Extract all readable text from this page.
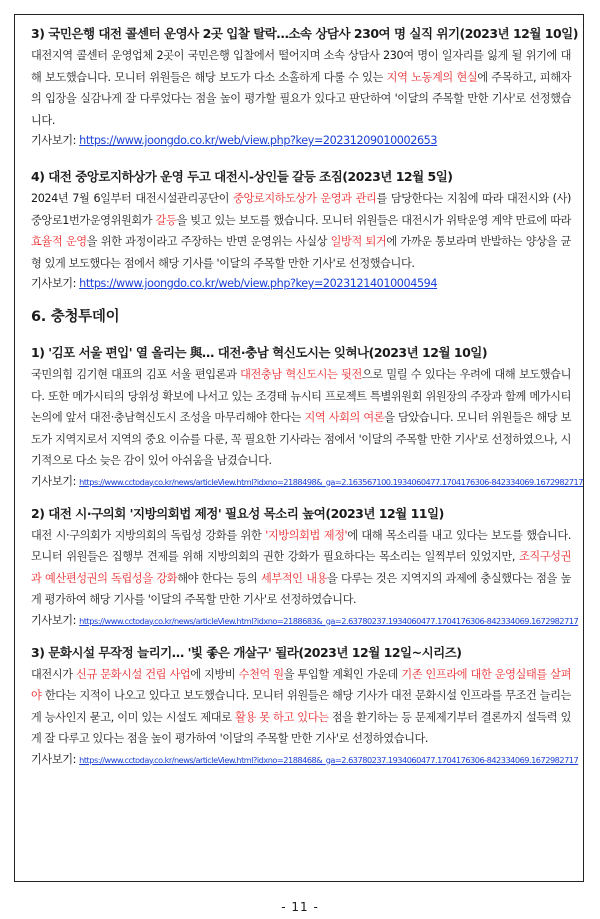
3) 국민은행 대전 콜센터 운영사 2곳 입찰 탈락…소속 상담사 230여 명 실직 위기(2023년 12월 10일)
대전지역 콜센터 운영업체 2곳이 국민은행 입찰에서 떨어지며 소속 상담사 230여 명이 일자리를 잃게 될 위기에 대해 보도했습니다. 모니터 위원들은 해당 보도가 다소 소홀하게 다룰 수 있는 지역 노동계의 현실에 주목하고, 피해자의 입장을 실감나게 잘 다루었다는 점을 높이 평가할 필요가 있다고 판단하여 '이달의 주목할 만한 기사'로 선정했습니다.
기사보기: https://www.joongdo.co.kr/web/view.php?key=20231209010002653
4) 대전 중앙로지하상가 운영 두고 대전시-상인들 갈등 조짐(2023년 12월 5일)
2024년 7월 6일부터 대전시설관리공단이 중앙로지하도상가 운영과 관리를 담당한다는 지침에 따라 대전시와 (사)중앙로1번가운영위원회가 갈등을 빚고 있는 보도를 했습니다. 모니터 위원들은 대전시가 위탁운영 계약 만료에 따라 효율적 운영을 위한 과정이라고 주장하는 반면 운영위는 사실상 일방적 퇴거에 가까운 통보라며 반발하는 양상을 균형 있게 보도했다는 점에서 해당 기사를 '이달의 주목할 만한 기사'로 선정했습니다.
기사보기: https://www.joongdo.co.kr/web/view.php?key=20231214010004594
6. 충청투데이
1) '김포 서울 편입' 열 올리는 與… 대전·충남 혁신도시는 잊혀나(2023년 12월 10일)
국민의힘 김기현 대표의 김포 서울 편입론과 대전충남 혁신도시는 뒷전으로 밀릴 수 있다는 우려에 대해 보도했습니다. 또한 메가시티의 당위성 확보에 나서고 있는 조경태 뉴시티 프로젝트 특별위원회 위원장의 주장과 함께 메가시티 논의에 앞서 대전·충남혁신도시 조성을 마무리해야 한다는 지역 사회의 여론을 담았습니다. 모니터 위원들은 해당 보도가 지역지로서 지역의 중요 이슈를 다룬, 꼭 필요한 기사라는 점에서 '이달의 주목할 만한 기사'로 선정하였으나, 시기적으로 다소 늦은 감이 있어 아쉬움을 남겼습니다.
기사보기: https://www.cctoday.co.kr/news/articleView.html?idxno=2188498&_ga=2.163567100.1934060477.1704176306-842334069.1672982717
2) 대전 시·구의회 '지방의회법 제정' 필요성 목소리 높여(2023년 12월 11일)
대전 시·구의회가 지방의회의 독립성 강화를 위한 '지방의회법 제정'에 대해 목소리를 내고 있다는 보도를 했습니다. 모니터 위원들은 집행부 견제를 위해 지방의회의 권한 강화가 필요하다는 목소리는 일찍부터 있었지만, 조직구성권과 예산편성권의 독립성을 강화해야 한다는 등의 세부적인 내용을 다루는 것은 지역지의 과제에 충실했다는 점을 높게 평가하여 해당 기사를 '이달의 주목할 만한 기사'로 선정하였습니다.
기사보기: https://www.cctoday.co.kr/news/articleView.html?idxno=2188683&_ga=2.63780237.1934060477.1704176306-842334069.1672982717
3) 문화시설 무작정 늘리기… '빛 좋은 개살구' 될라(2023년 12월 12일~시리즈)
대전시가 신규 문화시설 건립 사업에 지방비 수천억 원을 투입할 계획인 가운데 기존 인프라에 대한 운영실태를 살펴야 한다는 지적이 나오고 있다고 보도했습니다. 모니터 위원들은 해당 기사가 대전 문화시설 인프라를 무조건 늘리는 게 능사인지 묻고, 이미 있는 시설도 제대로 활용 못 하고 있다는 점을 환기하는 등 문제제기부터 결론까지 설득력 있게 잘 다루고 있다는 점을 높이 평가하여 '이달의 주목할 만한 기사'로 선정하였습니다.
기사보기: https://www.cctoday.co.kr/news/articleView.html?idxno=2188468&_ga=2.63780237.1934060477.1704176306-842334069.1672982717
- 11 -
